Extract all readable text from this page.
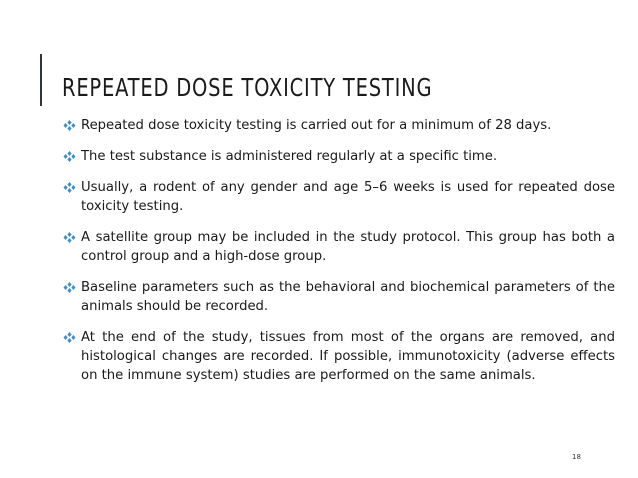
REPEATED DOSE TOXICITY TESTING
Repeated dose toxicity testing is carried out for a minimum of 28 days.
The test substance is administered regularly at a specific time.
Usually, a rodent of any gender and age 5–6 weeks is used for repeated dose toxicity testing.
A satellite group may be included in the study protocol. This group has both a control group and a high-dose group.
Baseline parameters such as the behavioral and biochemical parameters of the animals should be recorded.
At the end of the study, tissues from most of the organs are removed, and histological changes are recorded. If possible, immunotoxicity (adverse effects on the immune system) studies are performed on the same animals.
18
